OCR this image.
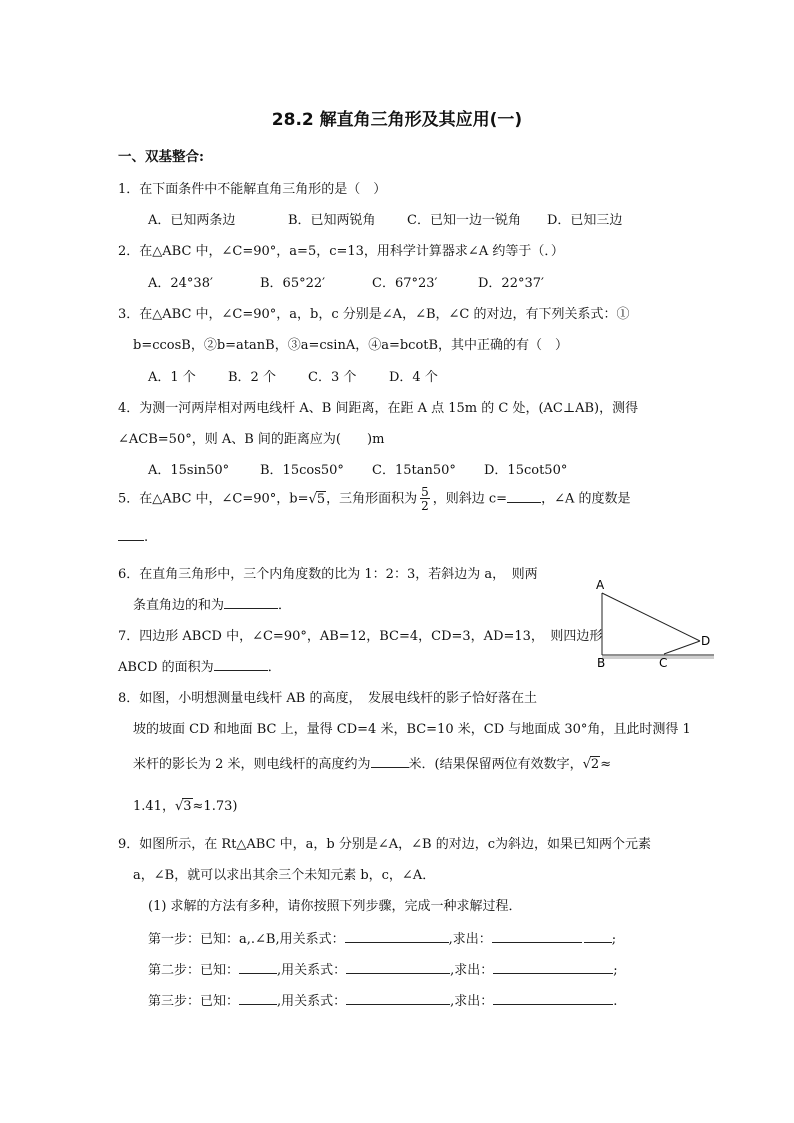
28.2 解直角三角形及其应用(一)
一、双基整合:
1．在下面条件中不能解直角三角形的是（　）
A．已知两条边	B．已知两锐角 C．已知一边一锐角 D．已知三边
2．在△ABC 中，∠C=90°，a=5，c=13，用科学计算器求∠A 约等于（．）
A．24°38′	B．65°22′	C．67°23′	D．22°37′
3．在△ABC 中，∠C=90°，a，b，c 分别是∠A，∠B，∠C 的对边，有下列关系式：①
b=ccosB，②b=atanB，③a=csinA，④a=bcotB，其中正确的有（　）
A．1 个 B．2 个 C．3 个	D．4 个
4．为测一河两岸相对两电线杆 A、B 间距离，在距 A 点 15m 的 C 处，(AC⊥AB)，测得
∠ACB=50°，则 A、B 间的距离应为(　　)m
A．15sin50° B．15cos50° C．15tan50° D．15cot50°
5．在△ABC 中，∠C=90°，b=√5，三角形面积为 $\frac{5}{2}$ ，则斜边 c=	，∠A 的度数是
.
6．在直角三角形中，三个内角度数的比为 1：2：3，若斜边为 a，　则两
条直角边的和为	．
7．四边形 ABCD 中，∠C=90°，AB=12，BC=4，CD=3，AD=13，　则四边形
ABCD 的面积为	．
A
B	C
D
8．如图，小明想测量电线杆 AB 的高度，　发展电线杆的影子恰好落在土
坡的坡面 CD 和地面 BC 上，量得 CD=4 米，BC=10 米，CD 与地面成 30°角，且此时测得 1
米杆的影长为 2 米，则电线杆的高度约为	米．(结果保留两位有效数字，√2≈
1.41，√3≈1.73)
9．如图所示，在 Rt△ABC 中，a，b 分别是∠A，∠B 的对边，c为斜边，如果已知两个元素
a，∠B，就可以求出其余三个未知元素 b，c，∠A．
(1) 求解的方法有多种，请你按照下列步骤，完成一种求解过程．
第一步：已知：a,.∠B,用关系式：	,求出：	;
第二步：已知：	,用关系式：	,求出：	;
第三步：已知：	,用关系式：	,求出：	.
